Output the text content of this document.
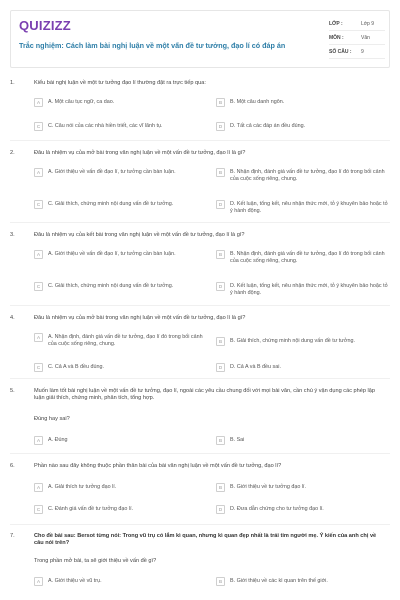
QUIZIZZ
Trắc nghiệm: Cách làm bài nghị luận về một vấn đề tư tưởng, đạo lí có đáp án
LỚP :	Lớp 9
MÔN :	Văn
SỐ CÂU : 9
1.	Kiểu bài nghị luận về một tư tưởng đạo lí thường đặt ra trực tiếp qua:
A	A. Một câu tục ngữ, ca dao.	B	B. Một câu danh ngôn.
C	C. Câu nói của các nhà hiền triết, các vĩ lãnh tụ.	D	D. Tất cả các đáp án đều đúng.
2.	Đâu là nhiệm vụ của mở bài trong văn nghị luận về một vấn đề tư tưởng, đạo lí là gì?
A	A. Giới thiệu về vấn đề đạo lí, tư tưởng cần bàn luận.	B	B. Nhận định, đánh giá vấn đề tư tưởng, đạo lí đó trong bối cảnh của cuộc sống riêng, chung.
C	C. Giải thích, chứng minh nội dung vấn đề tư tưởng.	D	D. Kết luận, tổng kết, nêu nhận thức mới, tỏ ý khuyên bảo hoặc tỏ ý hành động.
3.	Đâu là nhiệm vụ của kết bài trong văn nghị luận về một vấn đề tư tưởng, đạo lí là gì?
A	A. Giới thiệu về vấn đề đạo lí, tư tưởng cần bàn luận.	B	B. Nhận định, đánh giá vấn đề tư tưởng, đạo lí đó trong bối cảnh của cuộc sống riêng, chung.
C	C. Giải thích, chứng minh nội dung vấn đề tư tưởng.	D	D. Kết luận, tổng kết, nêu nhận thức mới, tỏ ý khuyên bảo hoặc tỏ ý hành động.
4.	Đâu là nhiệm vụ của mở bài trong văn nghị luận về một vấn đề tư tưởng, đạo lí là gì?
A	A. Nhận định, đánh giá vấn đề tư tưởng, đạo lí đó trong bối cảnh của cuộc sống riêng, chung.	B	B. Giải thích, chứng minh nội dung vấn đề tư tưởng.
C	C. Cả A và B đều đúng.	D	D. Cả A và B đều sai.
5.	Muốn làm tốt bài nghị luận về một vấn đề tư tưởng, đạo lí, ngoài các yêu cầu chung đối với mọi bài văn, cần chú ý vận dụng các phép lập luận giải thích, chứng minh, phân tích, tổng hợp.
Đúng hay sai?
A	A. Đúng	B	B. Sai
6.	Phần nào sau đây không thuộc phần thân bài của bài văn nghị luận về một vấn đề tư tưởng, đạo lí?
A	A. Giải thích tư tưởng đạo lí.	B	B. Giới thiệu về tư tưởng đạo lí.
C	C. Đánh giá vấn đề tư tưởng đạo lí.	D	D. Đưa dẫn chứng cho tư tưởng đạo lí.
7.	Cho đề bài sau: Bersot từng nói: Trong vũ trụ có lắm kì quan, nhưng kì quan đẹp nhất là trái tim người mẹ. Ý kiến của anh chị về câu nói trên?
Trong phần mở bài, ta sẽ giới thiệu về vấn đề gì?
A	A. Giới thiệu về vũ trụ.	B	B. Giới thiệu về các kì quan trên thế giới.
